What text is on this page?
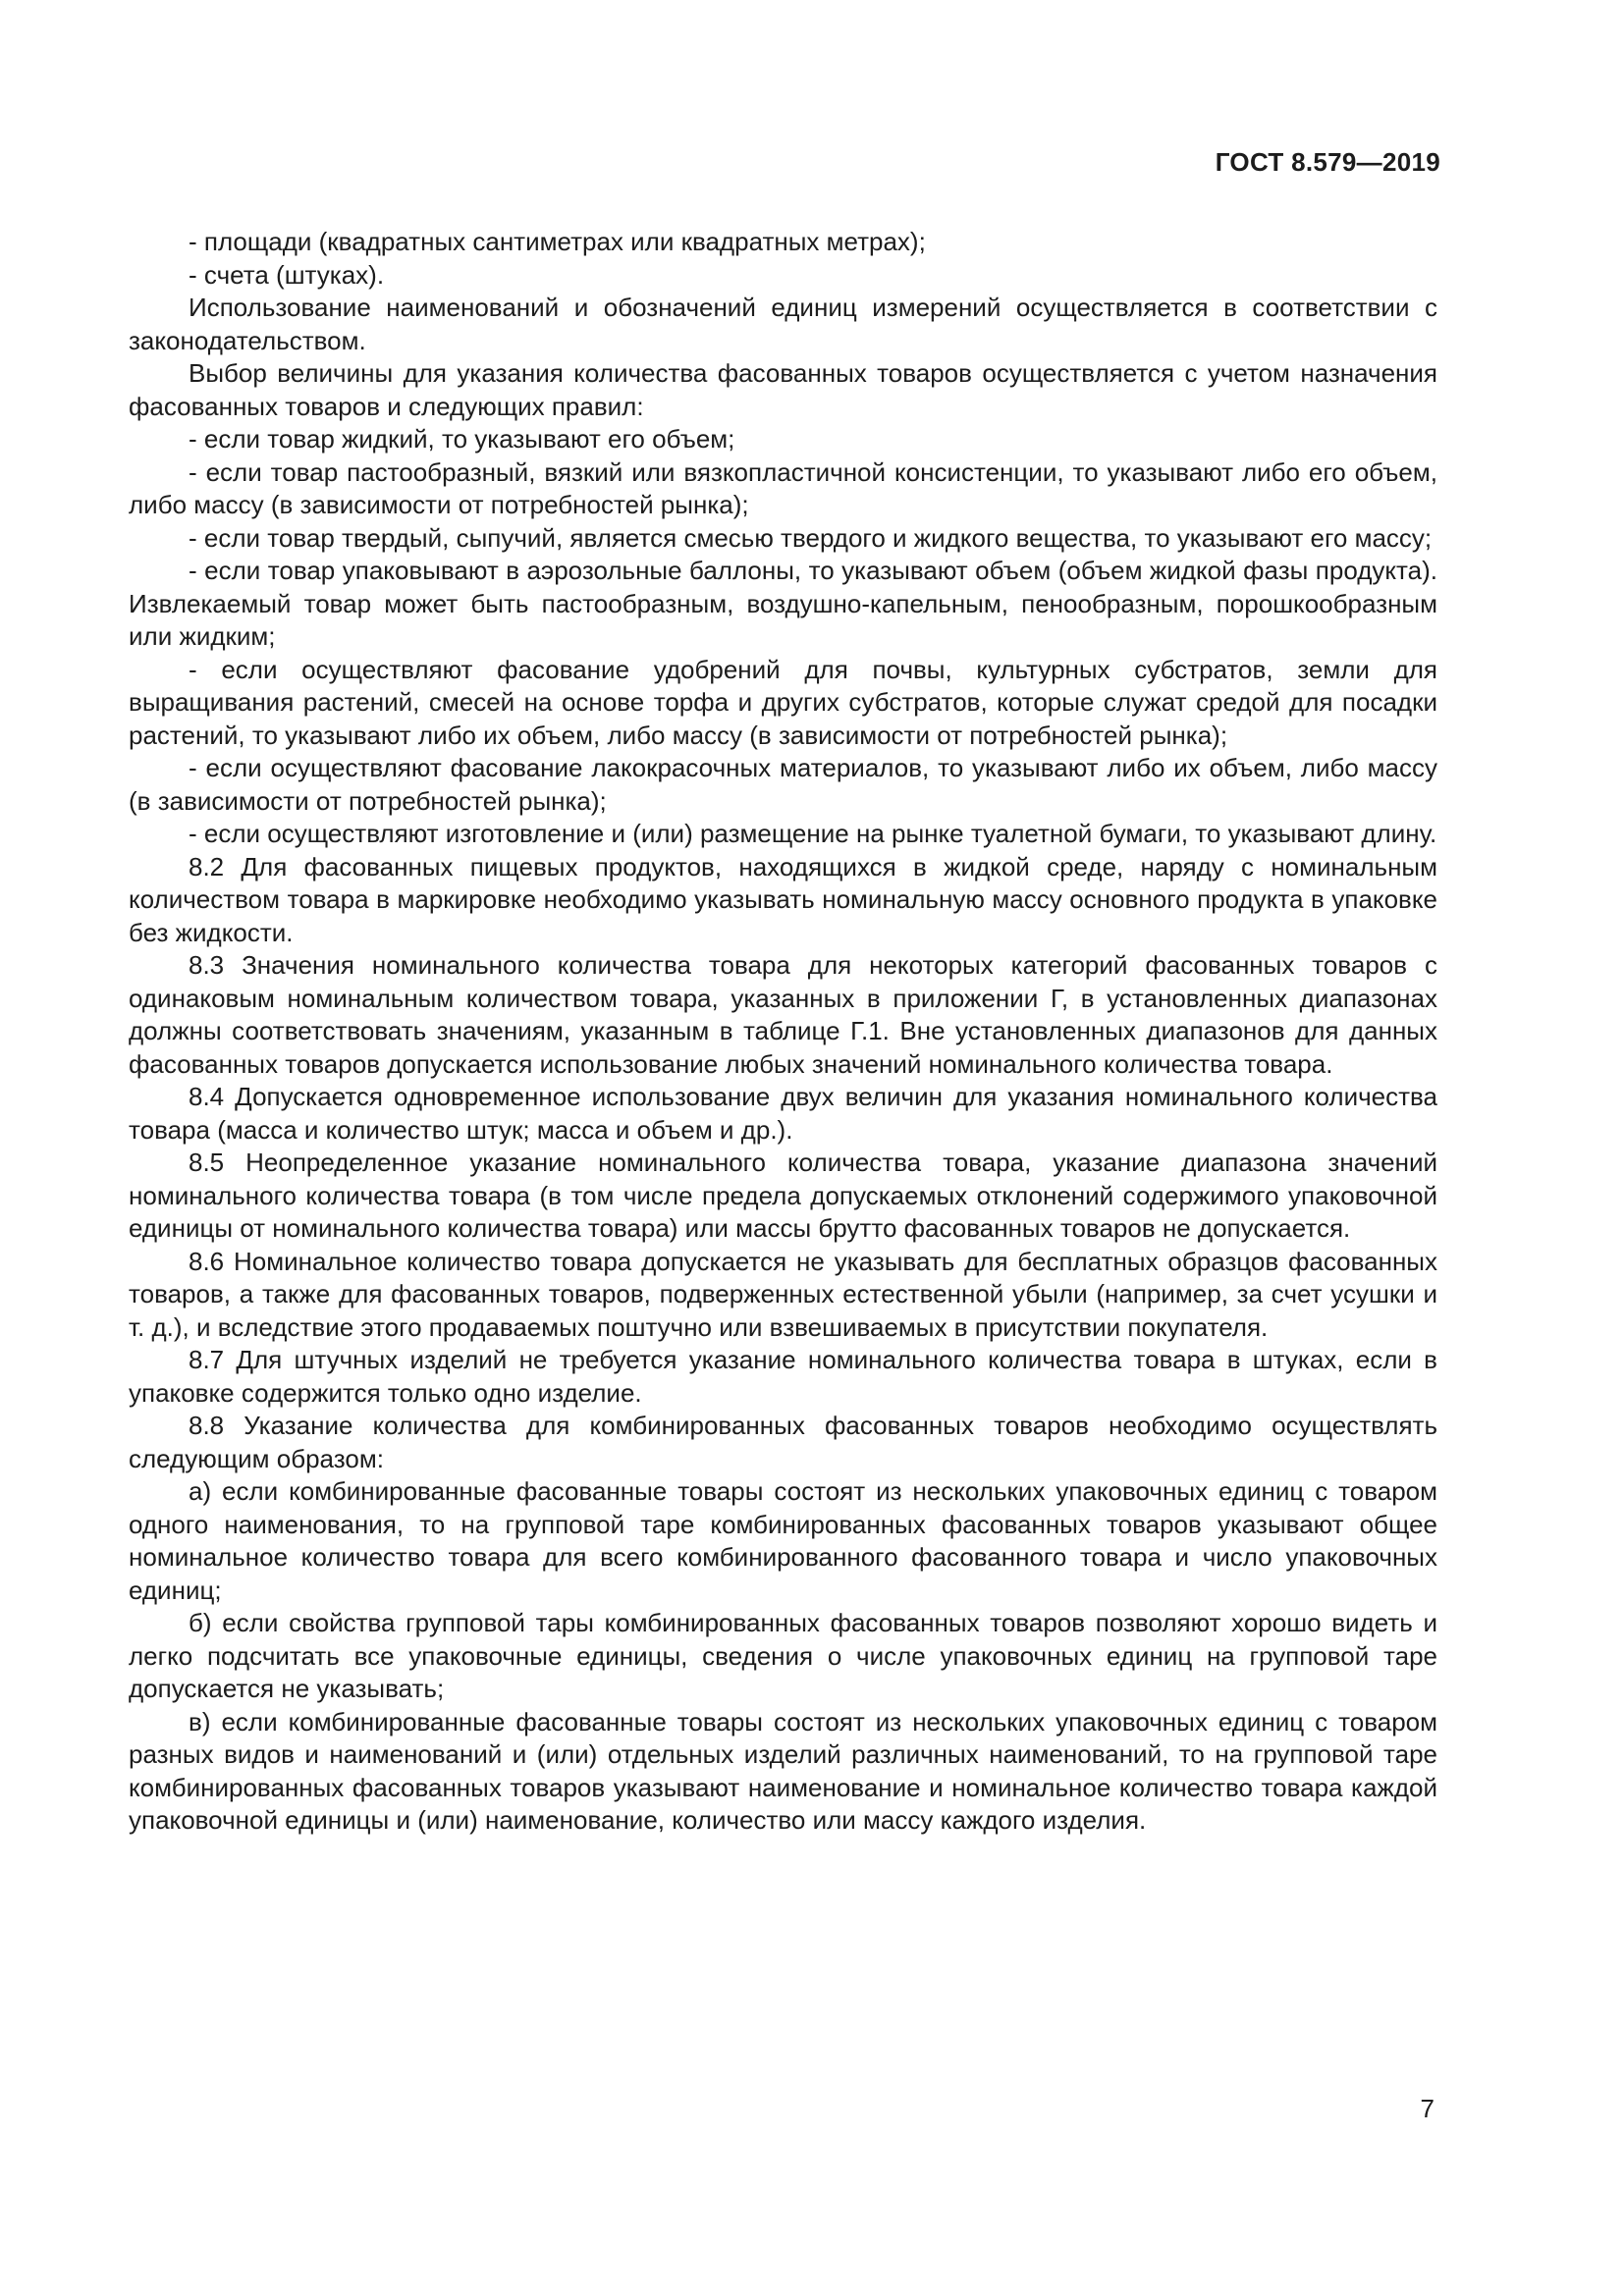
ГОСТ 8.579—2019

- площади (квадратных сантиметрах или квадратных метрах);

- счета (штуках).

Использование наименований и обозначений единиц измерений осуществляется в соответствии с законодательством.

Выбор величины для указания количества фасованных товаров осуществляется с учетом назначения фасованных товаров и следующих правил:

- если товар жидкий, то указывают его объем;

- если товар пастообразный, вязкий или вязкопластичной консистенции, то указывают либо его объем, либо массу (в зависимости от потребностей рынка);

- если товар твердый, сыпучий, является смесью твердого и жидкого вещества, то указывают его массу;

- если товар упаковывают в аэрозольные баллоны, то указывают объем (объем жидкой фазы продукта). Извлекаемый товар может быть пастообразным, воздушно-капельным, пенообразным, порошкообразным или жидким;

- если осуществляют фасование удобрений для почвы, культурных субстратов, земли для выращивания растений, смесей на основе торфа и других субстратов, которые служат средой для посадки растений, то указывают либо их объем, либо массу (в зависимости от потребностей рынка);

- если осуществляют фасование лакокрасочных материалов, то указывают либо их объем, либо массу (в зависимости от потребностей рынка);

- если осуществляют изготовление и (или) размещение на рынке туалетной бумаги, то указывают длину.

8.2 Для фасованных пищевых продуктов, находящихся в жидкой среде, наряду с номинальным количеством товара в маркировке необходимо указывать номинальную массу основного продукта в упаковке без жидкости.

8.3 Значения номинального количества товара для некоторых категорий фасованных товаров с одинаковым номинальным количеством товара, указанных в приложении Г, в установленных диапазонах должны соответствовать значениям, указанным в таблице Г.1. Вне установленных диапазонов для данных фасованных товаров допускается использование любых значений номинального количества товара.

8.4 Допускается одновременное использование двух величин для указания номинального количества товара (масса и количество штук; масса и объем и др.).

8.5 Неопределенное указание номинального количества товара, указание диапазона значений номинального количества товара (в том числе предела допускаемых отклонений содержимого упаковочной единицы от номинального количества товара) или массы брутто фасованных товаров не допускается.

8.6 Номинальное количество товара допускается не указывать для бесплатных образцов фасованных товаров, а также для фасованных товаров, подверженных естественной убыли (например, за счет усушки и т. д.), и вследствие этого продаваемых поштучно или взвешиваемых в присутствии покупателя.

8.7 Для штучных изделий не требуется указание номинального количества товара в штуках, если в упаковке содержится только одно изделие.

8.8 Указание количества для комбинированных фасованных товаров необходимо осуществлять следующим образом:

а) если комбинированные фасованные товары состоят из нескольких упаковочных единиц с товаром одного наименования, то на групповой таре комбинированных фасованных товаров указывают общее номинальное количество товара для всего комбинированного фасованного товара и число упаковочных единиц;

б) если свойства групповой тары комбинированных фасованных товаров позволяют хорошо видеть и легко подсчитать все упаковочные единицы, сведения о числе упаковочных единиц на групповой таре допускается не указывать;

в) если комбинированные фасованные товары состоят из нескольких упаковочных единиц с товаром разных видов и наименований и (или) отдельных изделий различных наименований, то на групповой таре комбинированных фасованных товаров указывают наименование и номинальное количество товара каждой упаковочной единицы и (или) наименование, количество или массу каждого изделия.

7
